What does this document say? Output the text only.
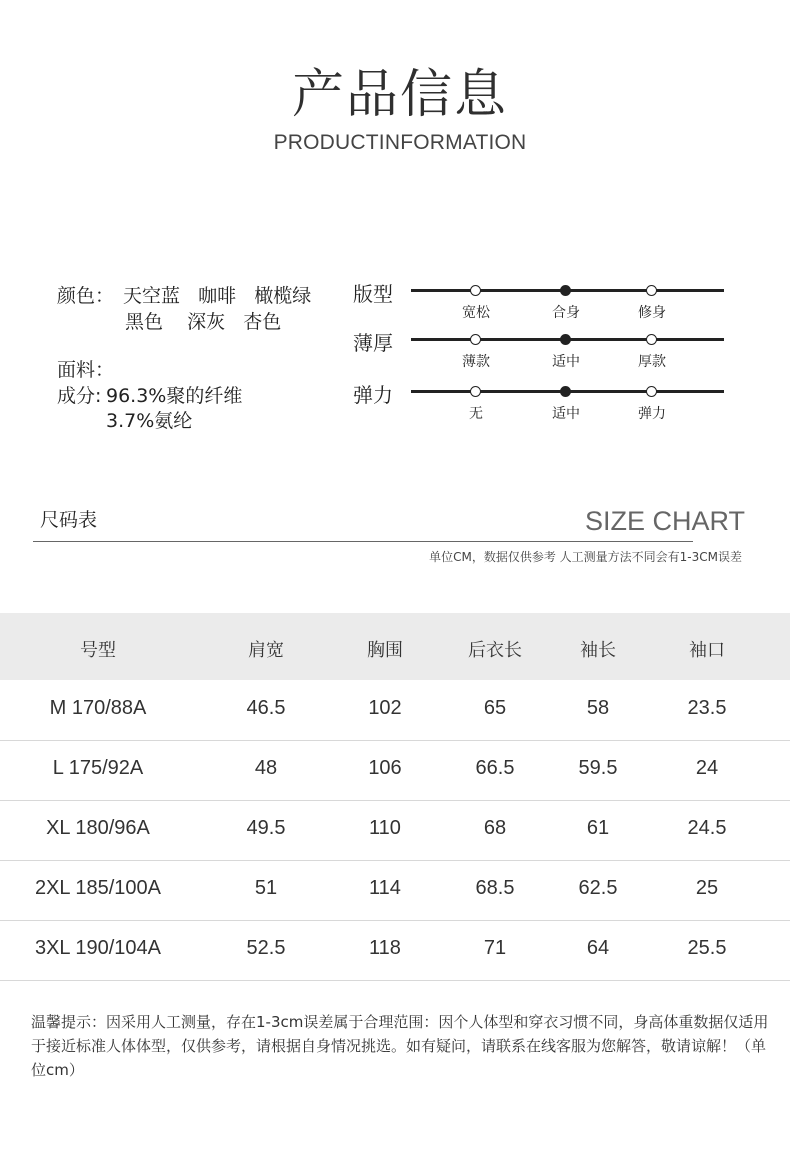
产品信息
PRODUCTINFORMATION
颜色： 天空蓝   咖啡   橄榄绿
黑色    深灰   杏色
面料：
成分: 96.3%聚的纤维
3.7%氨纶
版型
宽松	合身	修身
薄厚
薄款	适中	厚款
弹力
无	适中	弹力
尺码表	SIZE CHART
单位CM，数据仅供参考 人工测量方法不同会有1-3CM误差
号型	肩宽	胸围	后衣长	袖长	袖口
M 170/88A	46.5	102	65	58	23.5
L 175/92A	48	106	66.5	59.5	24
XL 180/96A	49.5	110	68	61	24.5
2XL 185/100A	51	114	68.5	62.5	25
3XL 190/104A	52.5	118	71	64	25.5
温馨提示：因采用人工测量，存在1-3cm误差属于合理范围：因个人体型和穿衣习惯不同，身高体重数据仅适用于接近标准人体体型，仅供参考，请根据自身情况挑选。如有疑问，请联系在线客服为您解答，敬请谅解！（单位cm）
